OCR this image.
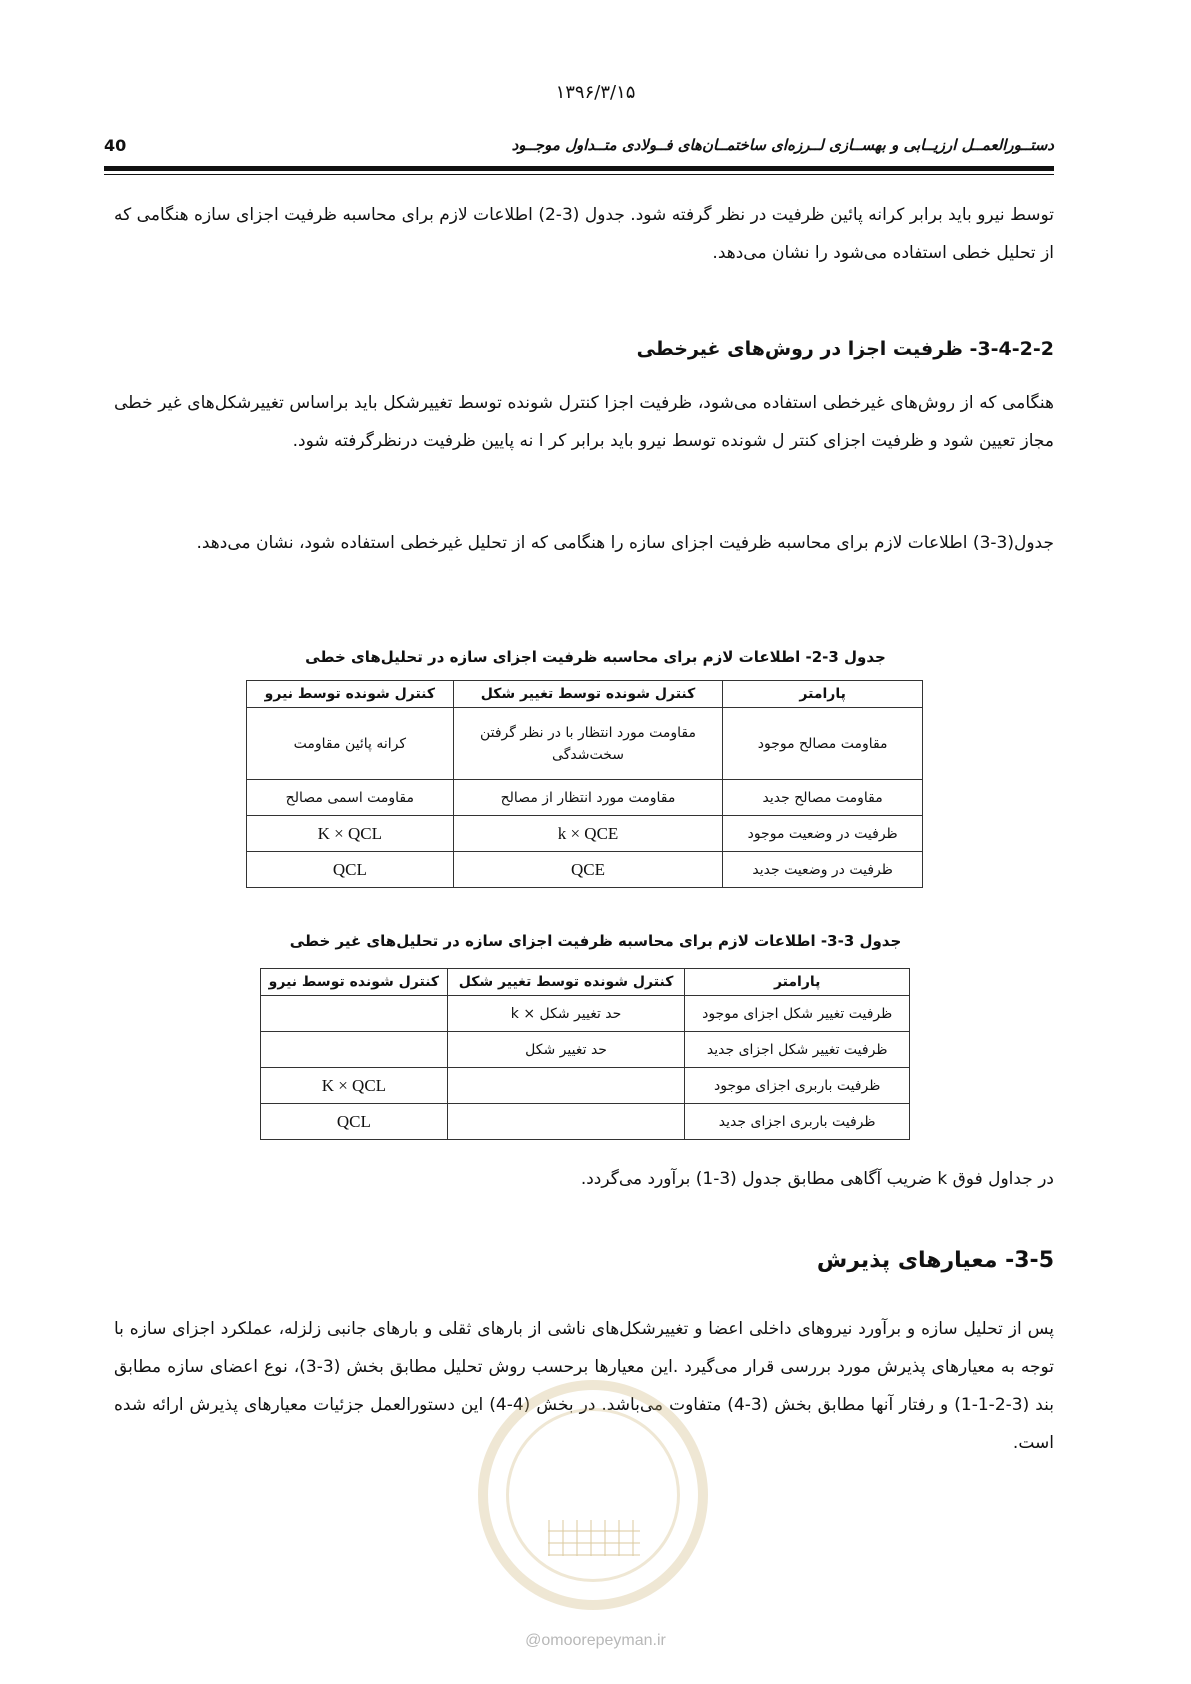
۱۳۹۶/۳/۱۵
40	دستــورالعمــل ارزیــابی و بهســازی لــرزه‌ای ساختمــان‌های فــولادی متــداول موجــود
توسط نیرو باید برابر کرانه پائین ظرفیت در نظر گرفته شود. جدول (3-2) اطلاعات لازم برای محاسبه ظرفیت اجزای سازه هنگامی که از تحلیل خطی استفاده می‌شود را نشان می‌دهد.
3-4-2-2- ظرفیت اجزا در روش‌های غیرخطی
هنگامی که از روش‌های غیرخطی استفاده می‌شود، ظرفیت اجزا کنترل شونده توسط تغییرشکل باید براساس تغییرشکل‌های غیر خطی مجاز تعیین شود و ظرفیت اجزای کنتر ل شونده توسط نیرو باید برابر کر ا نه پایین ظرفیت درنظرگرفته شود.
جدول(3-3) اطلاعات لازم برای محاسبه ظرفیت اجزای سازه را هنگامی که از تحلیل غیرخطی استفاده شود، نشان می‌دهد.
جدول 3-2- اطلاعات لازم برای محاسبه ظرفیت اجزای سازه در تحلیل‌های خطی
پارامتر	کنترل شونده توسط تغییر شکل	کنترل شونده توسط نیرو
مقاومت مصالح موجود	مقاومت مورد انتظار با در نظر گرفتن سخت‌شدگی	کرانه پائین مقاومت
مقاومت مصالح جدید	مقاومت مورد انتظار از مصالح	مقاومت اسمی مصالح
ظرفیت در وضعیت موجود	k × QCE	K × QCL
ظرفیت در وضعیت جدید	QCE	QCL
جدول 3-3- اطلاعات لازم برای محاسبه ظرفیت اجزای سازه در تحلیل‌های غیر خطی
پارامتر	کنترل شونده توسط تغییر شکل	کنترل شونده توسط نیرو
ظرفیت تغییر شکل اجزای موجود	حد تغییر شکل × k	
ظرفیت تغییر شکل اجزای جدید	حد تغییر شکل	
ظرفیت باربری اجزای موجود		K × QCL
ظرفیت باربری اجزای جدید		QCL
در جداول فوق k ضریب آگاهی مطابق جدول (3-1) برآورد می‌گردد.
3-5- معیارهای پذیرش
پس از تحلیل سازه و برآورد نیروهای داخلی اعضا و تغییرشکل‌های ناشی از بارهای ثقلی و بارهای جانبی زلزله، عملکرد اجزای سازه با توجه به معیارهای پذیرش مورد بررسی قرار می‌گیرد .این معیارها برحسب روش تحلیل مطابق بخش (3-3)، نوع اعضای سازه مطابق بند (3-2-1-1) و رفتار آنها مطابق بخش (3-4) متفاوت می‌باشد. در بخش (4-4) این دستورالعمل جزئیات معیارهای پذیرش ارائه شده است.
@omoorepeyman.ir
